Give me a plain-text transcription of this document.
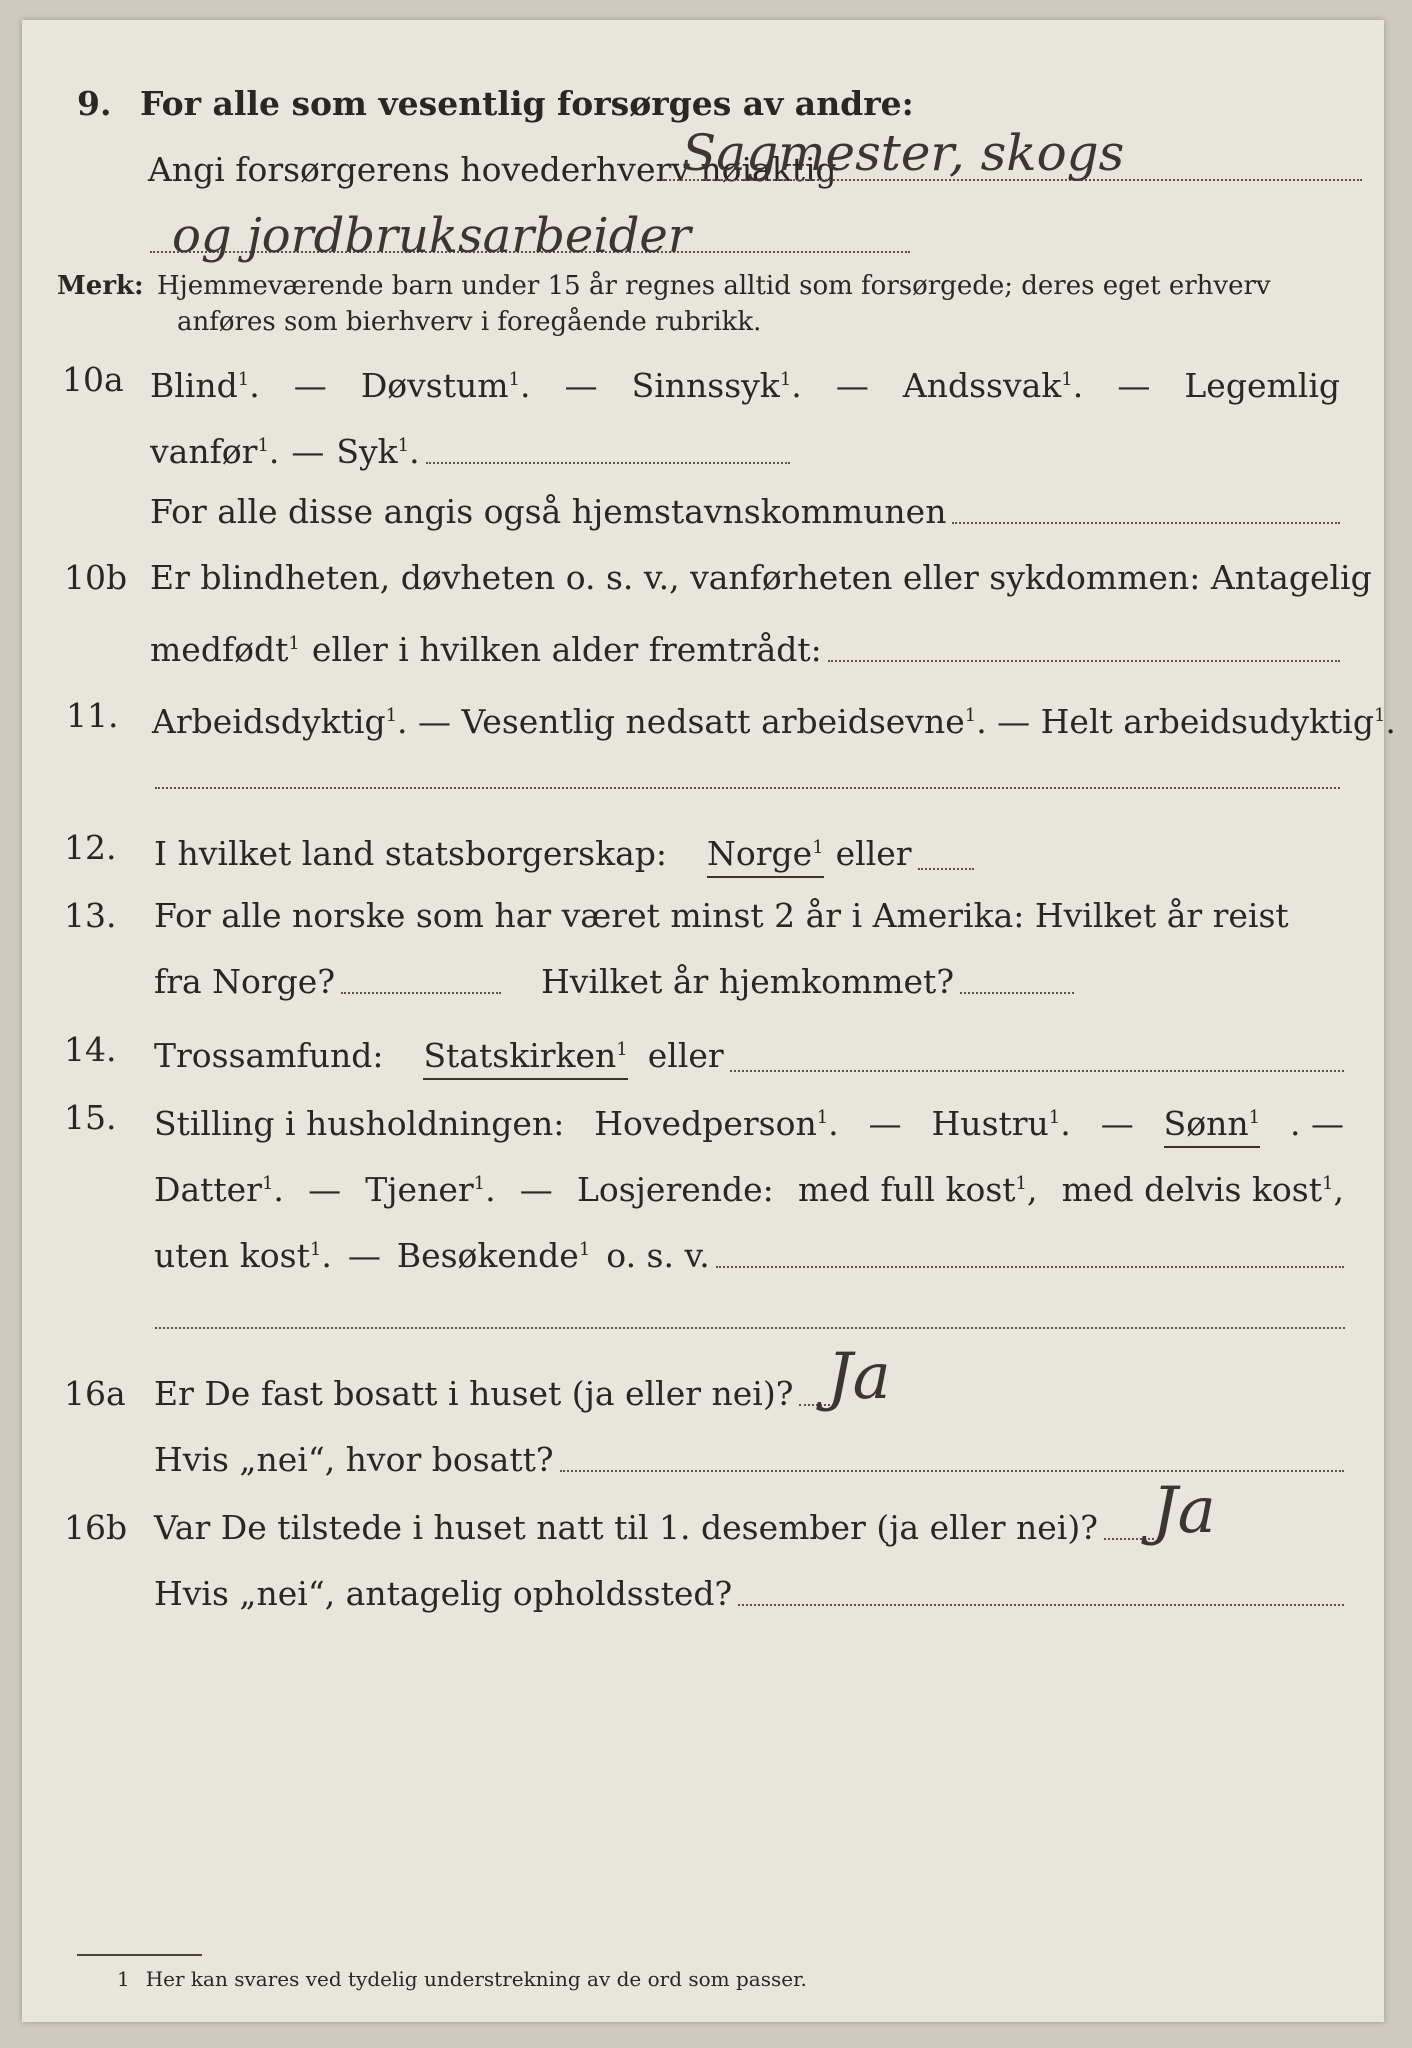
9. For alle som vesentlig forsørges av andre:
Angi forsørgerens hovederhverv nøiaktig
Sagmester, skogs
og jordbruksarbeider
Merk: Hjemmeværende barn under 15 år regnes alltid som forsørgede; deres eget erhverv
anføres som bierhverv i foregående rubrikk.
10a Blind$^1$. — Døvstum$^1$. — Sinnssyk$^1$. — Andssvak$^1$. — Legemlig
vanfør$^1$. — Syk$^1$.
For alle disse angis også hjemstavnskommunen
10b Er blindheten, døvheten o. s. v., vanførheten eller sykdommen: Antagelig
medfødt$^1$ eller i hvilken alder fremtrådt:
11. Arbeidsdyktig$^1$ . — Vesentlig nedsatt arbeidsevne$^1$ . — Helt arbeidsudyktig$^1$ .
12. I hvilket land statsborgerskap: Norge$^1$ eller
13. For alle norske som har været minst 2 år i Amerika: Hvilket år reist
fra Norge?	Hvilket år hjemkommet?
14. Trossamfund: Statskirken$^1$ eller
15. Stilling i husholdningen: Hovedperson$^1$. — Hustru$^1$. — Sønn$^1$ . —
Datter$^1$. — Tjener$^1$. — Losjerende: med full kost$^1$, med delvis kost$^1$,
uten kost$^1$. — Besøkende$^1$ o. s. v.
16a Er De fast bosatt i huset (ja eller nei)? Ja
Hvis „nei“, hvor bosatt?
16b Var De tilstede i huset natt til 1. desember (ja eller nei)? Ja
Hvis „nei“, antagelig opholdssted?
1 Her kan svares ved tydelig understrekning av de ord som passer.
